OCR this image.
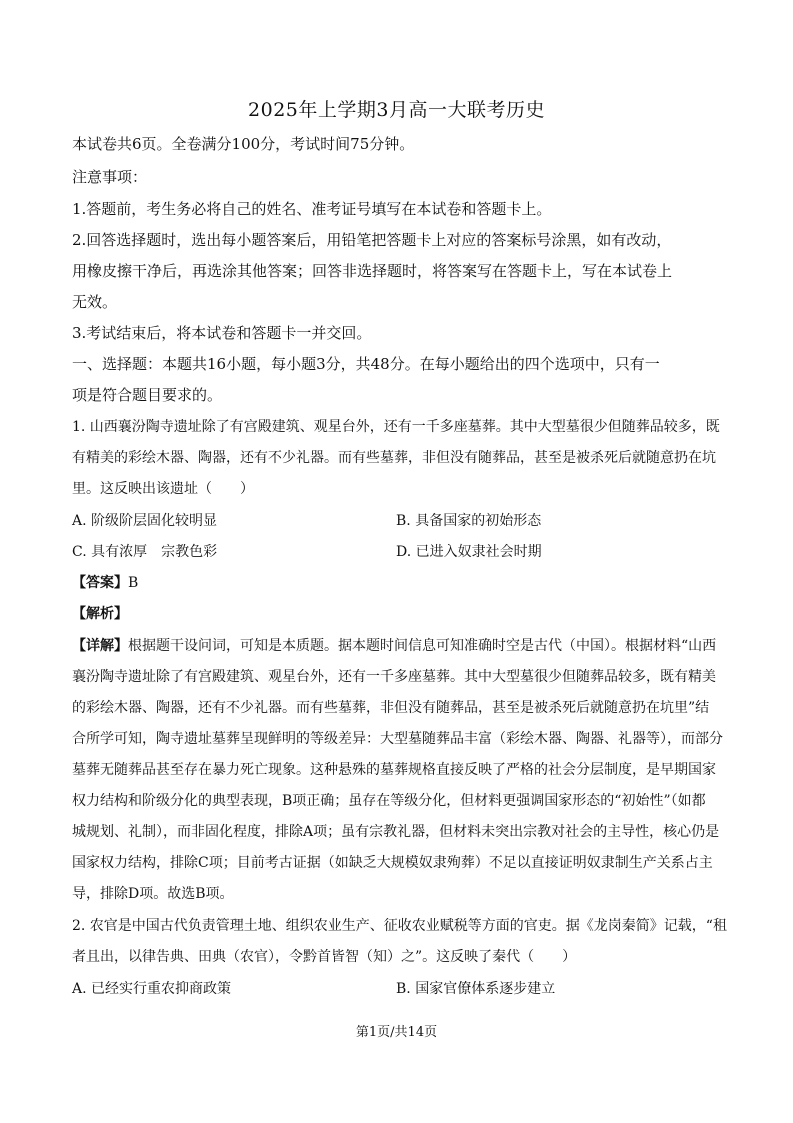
2025年上学期3月高一大联考历史
本试卷共6页。全卷满分100分，考试时间75分钟。
注意事项：
1.答题前，考生务必将自己的姓名、准考证号填写在本试卷和答题卡上。
2.回答选择题时，选出每小题答案后，用铅笔把答题卡上对应的答案标号涂黑，如有改动，
用橡皮擦干净后，再选涂其他答案；回答非选择题时，将答案写在答题卡上，写在本试卷上
无效。
3.考试结束后，将本试卷和答题卡一并交回。
一、选择题：本题共16小题，每小题3分，共48分。在每小题给出的四个选项中，只有一
项是符合题目要求的。
1. 山西襄汾陶寺遗址除了有宫殿建筑、观星台外，还有一千多座墓葬。其中大型墓很少但随葬品较多，既
有精美的彩绘木器、陶器，还有不少礼器。而有些墓葬，非但没有随葬品，甚至是被杀死后就随意扔在坑
里。这反映出该遗址（　　）
A. 阶级阶层固化较明显	B. 具备国家的初始形态
C. 具有浓厚　宗教色彩	D. 已进入奴隶社会时期
【答案】B
【解析】
【详解】根据题干设问词，可知是本质题。据本题时间信息可知准确时空是古代（中国）。根据材料“山西
襄汾陶寺遗址除了有宫殿建筑、观星台外，还有一千多座墓葬。其中大型墓很少但随葬品较多，既有精美
的彩绘木器、陶器，还有不少礼器。而有些墓葬，非但没有随葬品，甚至是被杀死后就随意扔在坑里”结
合所学可知，陶寺遗址墓葬呈现鲜明的等级差异：大型墓随葬品丰富（彩绘木器、陶器、礼器等），而部分
墓葬无随葬品甚至存在暴力死亡现象。这种悬殊的墓葬规格直接反映了严格的社会分层制度，是早期国家
权力结构和阶级分化的典型表现，B项正确；虽存在等级分化，但材料更强调国家形态的“初始性”（如都
城规划、礼制），而非固化程度，排除A项；虽有宗教礼器，但材料未突出宗教对社会的主导性，核心仍是
国家权力结构，排除C项；目前考古证据（如缺乏大规模奴隶殉葬）不足以直接证明奴隶制生产关系占主
导，排除D项。故选B项。
2. 农官是中国古代负责管理土地、组织农业生产、征收农业赋税等方面的官吏。据《龙岗秦简》记载，“租
者且出，以律告典、田典（农官），令黔首皆智（知）之”。这反映了秦代（　　）
A. 已经实行重农抑商政策	B. 国家官僚体系逐步建立
第1页/共14页
